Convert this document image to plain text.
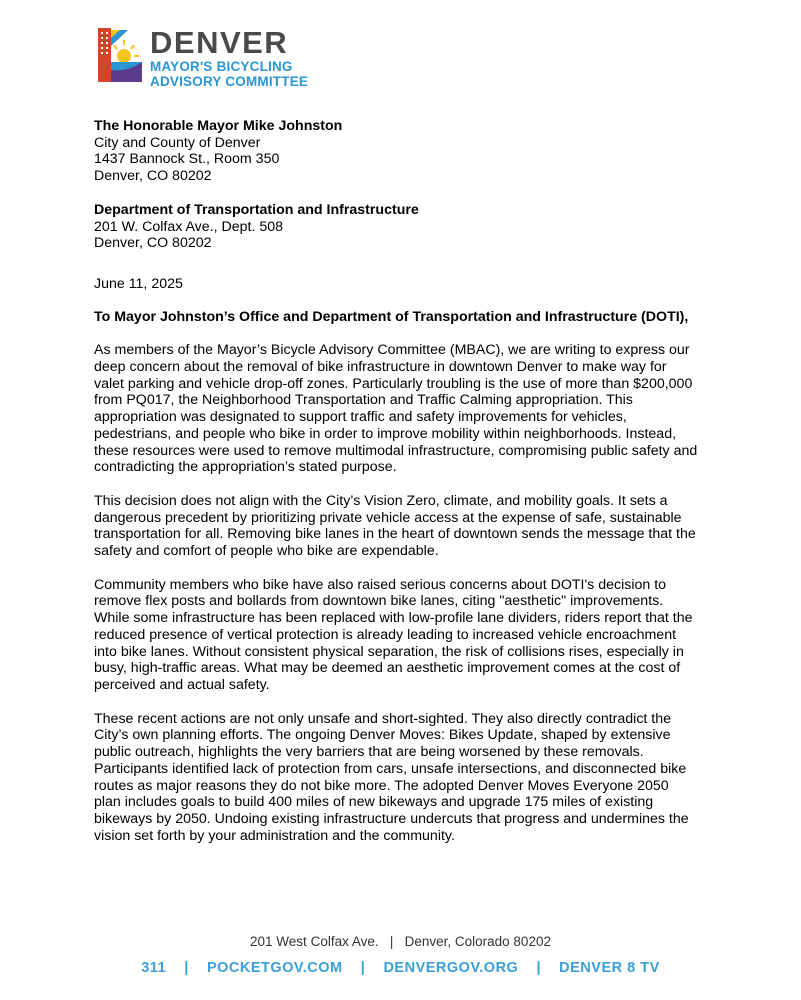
DENVER
MAYOR'S BICYCLING
ADVISORY COMMITTEE
The Honorable Mayor Mike Johnston
City and County of Denver
1437 Bannock St., Room 350
Denver, CO 80202
Department of Transportation and Infrastructure
201 W. Colfax Ave., Dept. 508
Denver, CO 80202
June 11, 2025
To Mayor Johnston’s Office and Department of Transportation and Infrastructure (DOTI),
As members of the Mayor’s Bicycle Advisory Committee (MBAC), we are writing to express our
deep concern about the removal of bike infrastructure in downtown Denver to make way for
valet parking and vehicle drop-off zones. Particularly troubling is the use of more than $200,000
from PQ017, the Neighborhood Transportation and Traffic Calming appropriation. This
appropriation was designated to support traffic and safety improvements for vehicles,
pedestrians, and people who bike in order to improve mobility within neighborhoods. Instead,
these resources were used to remove multimodal infrastructure, compromising public safety and
contradicting the appropriation’s stated purpose.
This decision does not align with the City’s Vision Zero, climate, and mobility goals. It sets a
dangerous precedent by prioritizing private vehicle access at the expense of safe, sustainable
transportation for all. Removing bike lanes in the heart of downtown sends the message that the
safety and comfort of people who bike are expendable.
Community members who bike have also raised serious concerns about DOTI's decision to
remove flex posts and bollards from downtown bike lanes, citing "aesthetic" improvements.
While some infrastructure has been replaced with low-profile lane dividers, riders report that the
reduced presence of vertical protection is already leading to increased vehicle encroachment
into bike lanes. Without consistent physical separation, the risk of collisions rises, especially in
busy, high-traffic areas. What may be deemed an aesthetic improvement comes at the cost of
perceived and actual safety.
These recent actions are not only unsafe and short-sighted. They also directly contradict the
City’s own planning efforts. The ongoing Denver Moves: Bikes Update, shaped by extensive
public outreach, highlights the very barriers that are being worsened by these removals.
Participants identified lack of protection from cars, unsafe intersections, and disconnected bike
routes as major reasons they do not bike more. The adopted Denver Moves Everyone 2050
plan includes goals to build 400 miles of new bikeways and upgrade 175 miles of existing
bikeways by 2050. Undoing existing infrastructure undercuts that progress and undermines the
vision set forth by your administration and the community.
201 West Colfax Ave.   |   Denver, Colorado 80202
311 | POCKETGOV.COM | DENVERGOV.ORG | DENVER 8 TV
